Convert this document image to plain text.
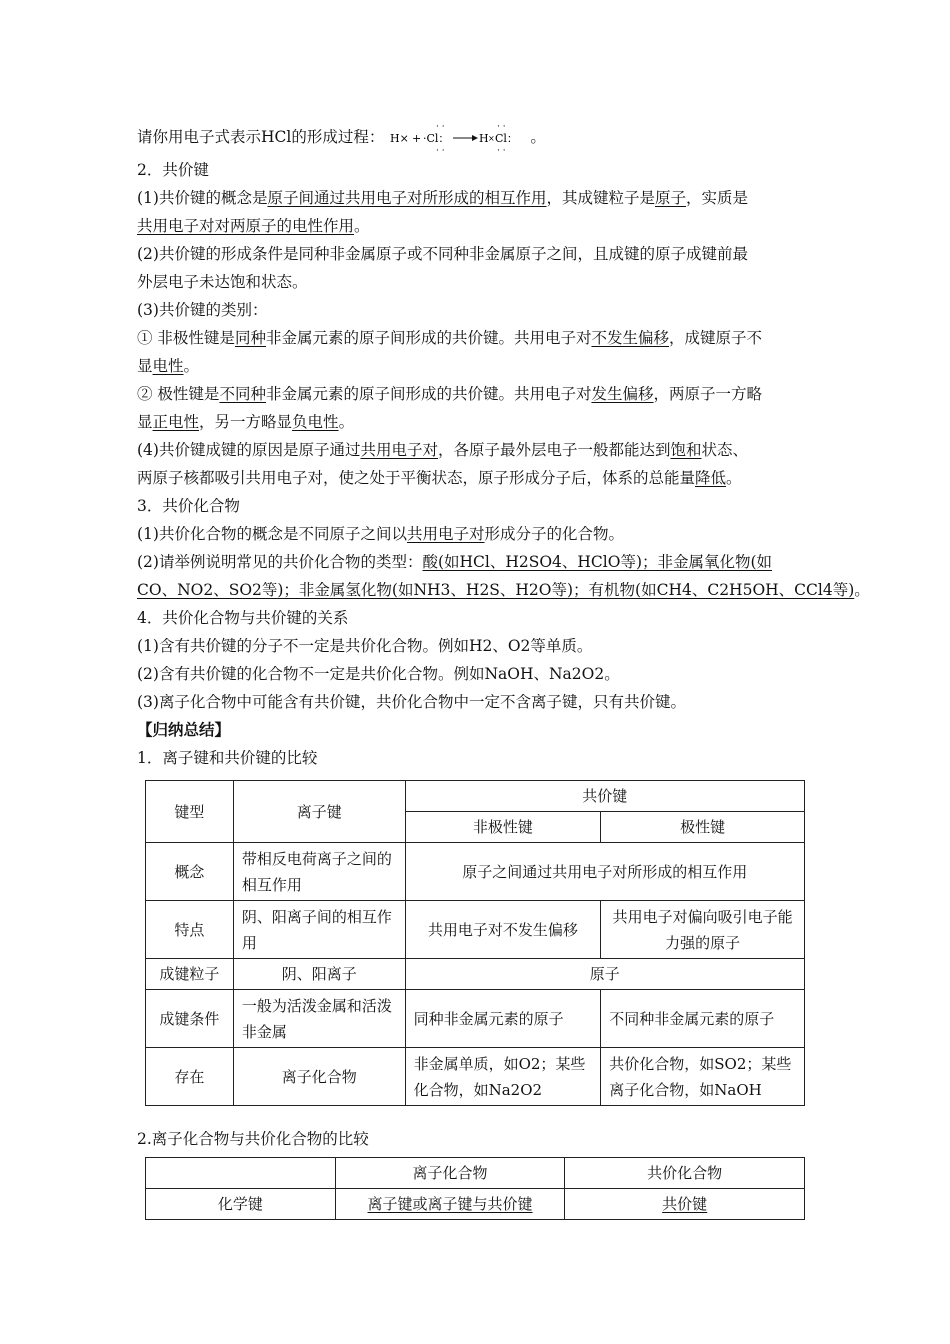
请你用电子式表示HCl的形成过程： H× + ·Cl：
· ·
· ·
H × Cl：
· ·
· ·
。
2．共价键
(1)共价键的概念是原子间通过共用电子对所形成的相互作用，其成键粒子是原子，实质是
共用电子对对两原子的电性作用。
(2)共价键的形成条件是同种非金属原子或不同种非金属原子之间，且成键的原子成键前最
外层电子未达饱和状态。
(3)共价键的类别：
① 非极性键是同种非金属元素的原子间形成的共价键。共用电子对不发生偏移，成键原子不
显电性。
② 极性键是不同种非金属元素的原子间形成的共价键。共用电子对发生偏移，两原子一方略
显正电性，另一方略显负电性。
(4)共价键成键的原因是原子通过共用电子对，各原子最外层电子一般都能达到饱和状态、
两原子核都吸引共用电子对，使之处于平衡状态，原子形成分子后，体系的总能量降低。
3．共价化合物
(1)共价化合物的概念是不同原子之间以共用电子对形成分子的化合物。
(2)请举例说明常见的共价化合物的类型：酸(如HCl、H2SO4、HClO等)；非金属氧化物(如
CO、NO2、SO2等)；非金属氢化物(如NH3、H2S、H2O等)；有机物(如CH4、C2H5OH、CCl4等)。
4．共价化合物与共价键的关系
(1)含有共价键的分子不一定是共价化合物。例如H2、O2等单质。
(2)含有共价键的化合物不一定是共价化合物。例如NaOH、Na2O2。
(3)离子化合物中可能含有共价键，共价化合物中一定不含离子键，只有共价键。
【归纳总结】
1．离子键和共价键的比较
键型	离子键	共价键	
		非极性键	极性键
概念	带相反电荷离子之间的相互作用	原子之间通过共用电子对所形成的相互作用	
特点	阴、阳离子间的相互作用	共用电子对不发生偏移	共用电子对偏向吸引电子能力强的原子
成键粒子	阴、阳离子	原子	
成键条件	一般为活泼金属和活泼非金属	同种非金属元素的原子	不同种非金属元素的原子
存在	离子化合物	非金属单质，如O2；某些化合物，如Na2O2	共价化合物，如SO2；某些离子化合物，如NaOH
2.离子化合物与共价化合物的比较
	离子化合物	共价化合物
化学键	离子键或离子键与共价键	共价键
